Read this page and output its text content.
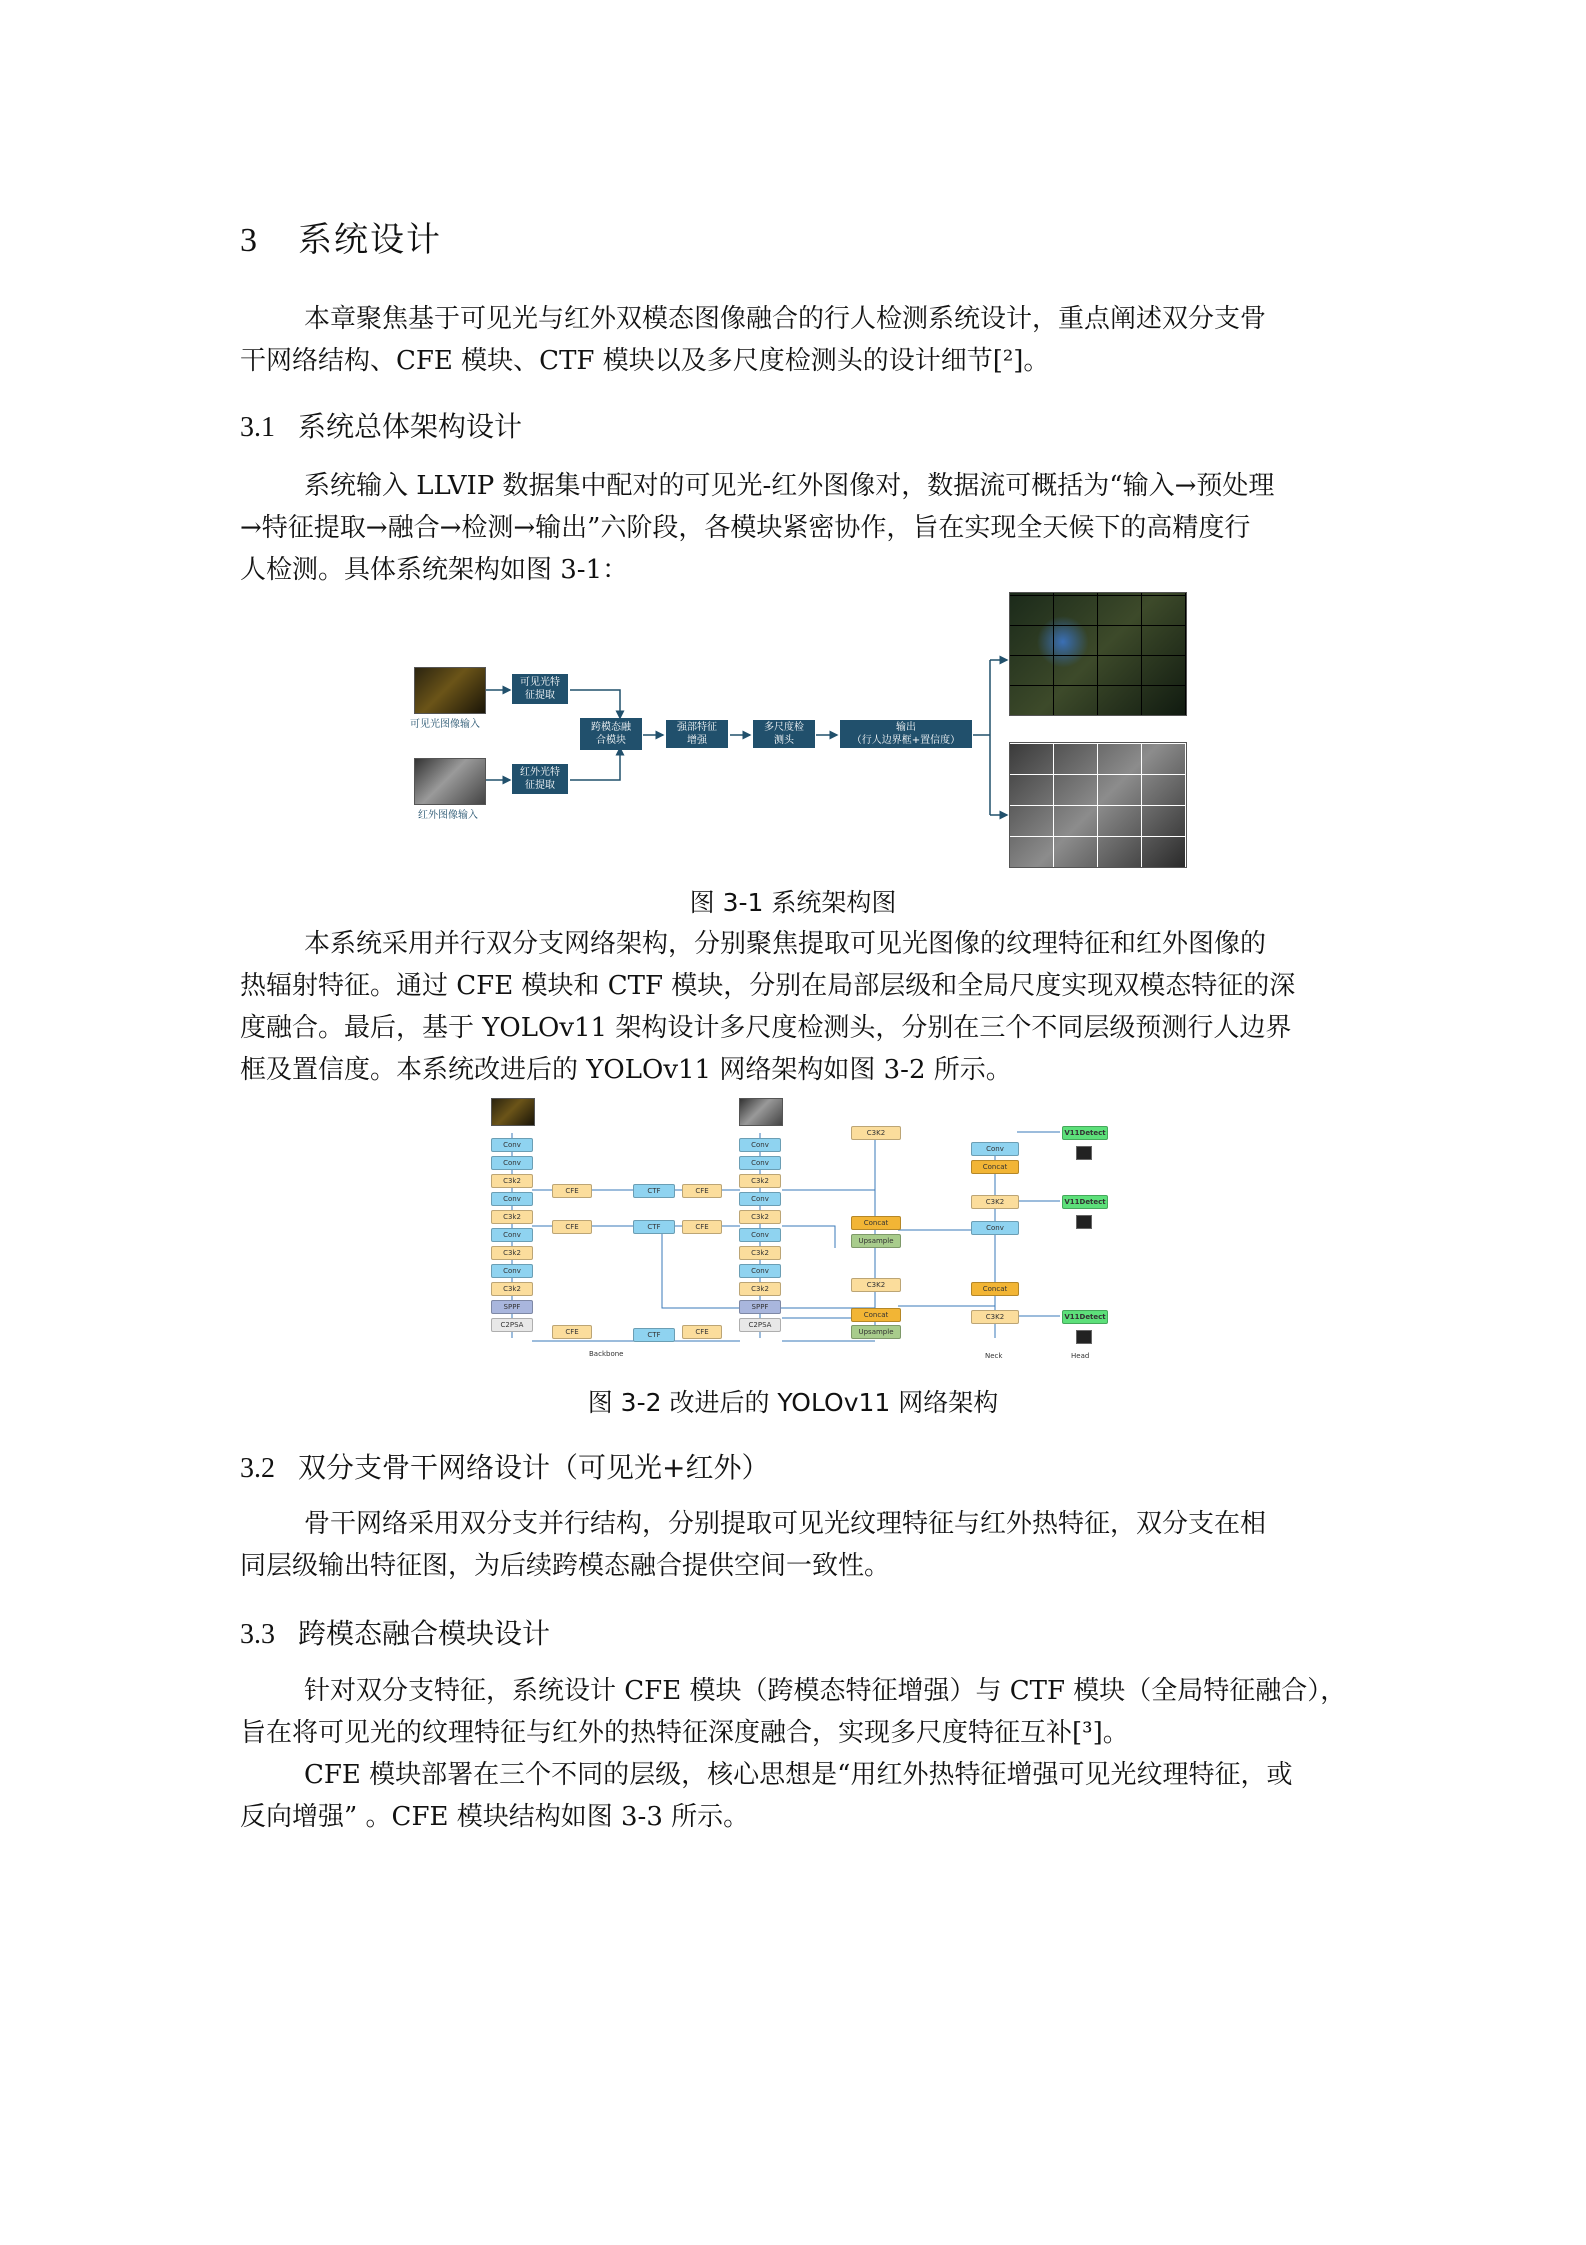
3 系统设计
本章聚焦基于可见光与红外双模态图像融合的行人检测系统设计，重点阐述双分支骨
干网络结构、CFE 模块、CTF 模块以及多尺度检测头的设计细节[²]。
3.1 系统总体架构设计
系统输入 LLVIP 数据集中配对的可见光-红外图像对，数据流可概括为“输入→预处理
→特征提取→融合→检测→输出”六阶段，各模块紧密协作，旨在实现全天候下的高精度行
人检测。具体系统架构如图 3-1：
可见光图像输入
红外图像输入
可见光特
征提取
红外光特
征提取
跨模态融
合模块
强部特征
增强
多尺度检
测头
输出
（行人边界框+置信度）
图 3-1 系统架构图
本系统采用并行双分支网络架构，分别聚焦提取可见光图像的纹理特征和红外图像的
热辐射特征。通过 CFE 模块和 CTF 模块，分别在局部层级和全局尺度实现双模态特征的深
度融合。最后，基于 YOLOv11 架构设计多尺度检测头，分别在三个不同层级预测行人边界
框及置信度。本系统改进后的 YOLOv11 网络架构如图 3-2 所示。
Conv
Conv
C3k2
Conv
C3k2
Conv
C3k2
Conv
C3k2
SPPF
C2PSA
Conv
Conv
C3k2
Conv
C3k2
Conv
C3k2
Conv
C3k2
SPPF
C2PSA
CFE	CTF	CFE
CFE	CTF	CFE
CFE	CTF	CFE
C3K2
Concat
Upsample
C3K2
Concat
Upsample
Conv
Concat
C3K2
Conv
Concat
C3K2
V11Detect
V11Detect
V11Detect
Backbone	Neck	Head
图 3-2 改进后的 YOLOv11 网络架构
3.2 双分支骨干网络设计（可见光+红外）
骨干网络采用双分支并行结构，分别提取可见光纹理特征与红外热特征，双分支在相
同层级输出特征图，为后续跨模态融合提供空间一致性。
3.3 跨模态融合模块设计
针对双分支特征，系统设计 CFE 模块（跨模态特征增强）与 CTF 模块（全局特征融合），
旨在将可见光的纹理特征与红外的热特征深度融合，实现多尺度特征互补[³]。
CFE 模块部署在三个不同的层级，核心思想是“用红外热特征增强可见光纹理特征，或
反向增强” 。CFE 模块结构如图 3-3 所示。
